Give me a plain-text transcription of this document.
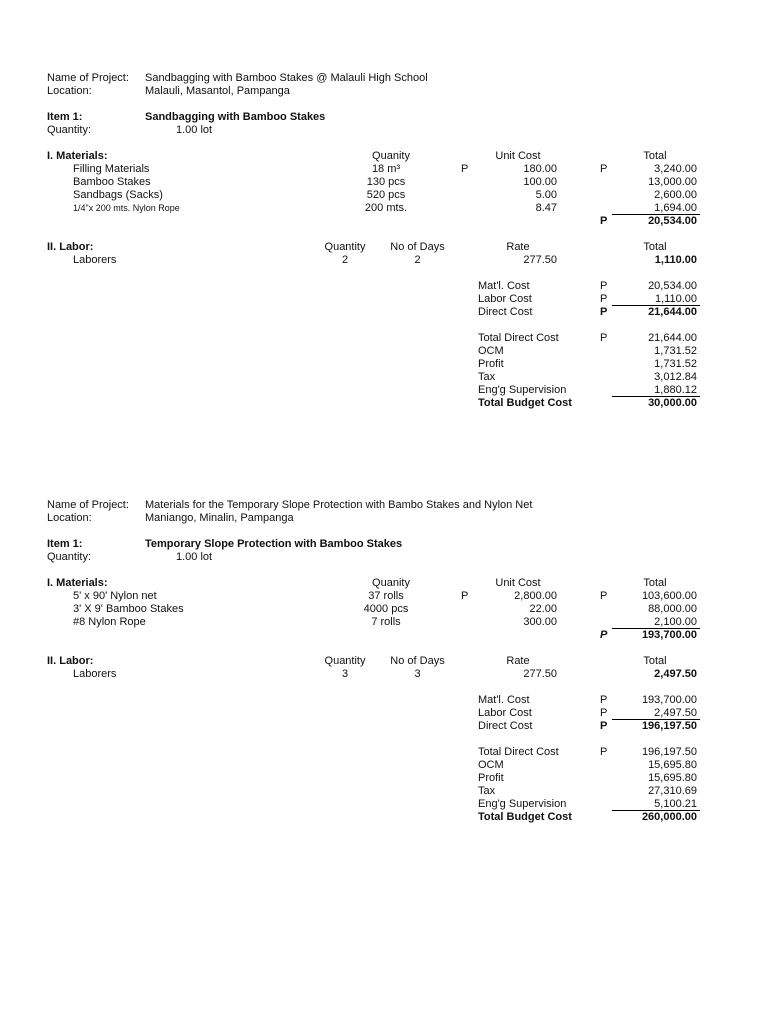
Name of Project: Sandbagging with Bamboo Stakes @ Malauli High School
Location:	Malauli, Masantol, Pampanga
Item 1:	Sandbagging with Bamboo Stakes
Quantity:	1.00 lot
I. Materials:	Quanity	Unit Cost	Total
Filling Materials	18 m³	P	180.00	P	3,240.00
Bamboo Stakes	130 pcs	100.00	13,000.00
Sandbags (Sacks)	520 pcs	5.00	2,600.00
1/4"x 200 mts. Nylon Rope	200 mts.	8.47	1,694.00
P	20,534.00
II. Labor:	Quantity	No of Days	Rate	Total
Laborers	2	2	277.50	1,110.00
Mat'l. Cost	P	20,534.00
Labor Cost	P	1,110.00
Direct Cost	P	21,644.00
Total Direct Cost	P	21,644.00
OCM	1,731.52
Profit	1,731.52
Tax	3,012.84
Eng'g Supervision	1,880.12
Total Budget Cost	30,000.00
Name of Project: Materials for the Temporary Slope Protection with Bambo Stakes and Nylon Net
Location:	Maniango, Minalin, Pampanga
Item 1:	Temporary Slope Protection with Bamboo Stakes
Quantity:	1.00 lot
I. Materials:	Quanity	Unit Cost	Total
5' x 90' Nylon net	37 rolls	P	2,800.00	P	103,600.00
3' X 9' Bamboo Stakes	4000 pcs	22.00	88,000.00
#8 Nylon Rope	7 rolls	300.00	2,100.00
P	193,700.00
II. Labor:	Quantity	No of Days	Rate	Total
Laborers	3	3	277.50	2,497.50
Mat'l. Cost	P	193,700.00
Labor Cost	P	2,497.50
Direct Cost	P	196,197.50
Total Direct Cost	P	196,197.50
OCM	15,695.80
Profit	15,695.80
Tax	27,310.69
Eng'g Supervision	5,100.21
Total Budget Cost	260,000.00
